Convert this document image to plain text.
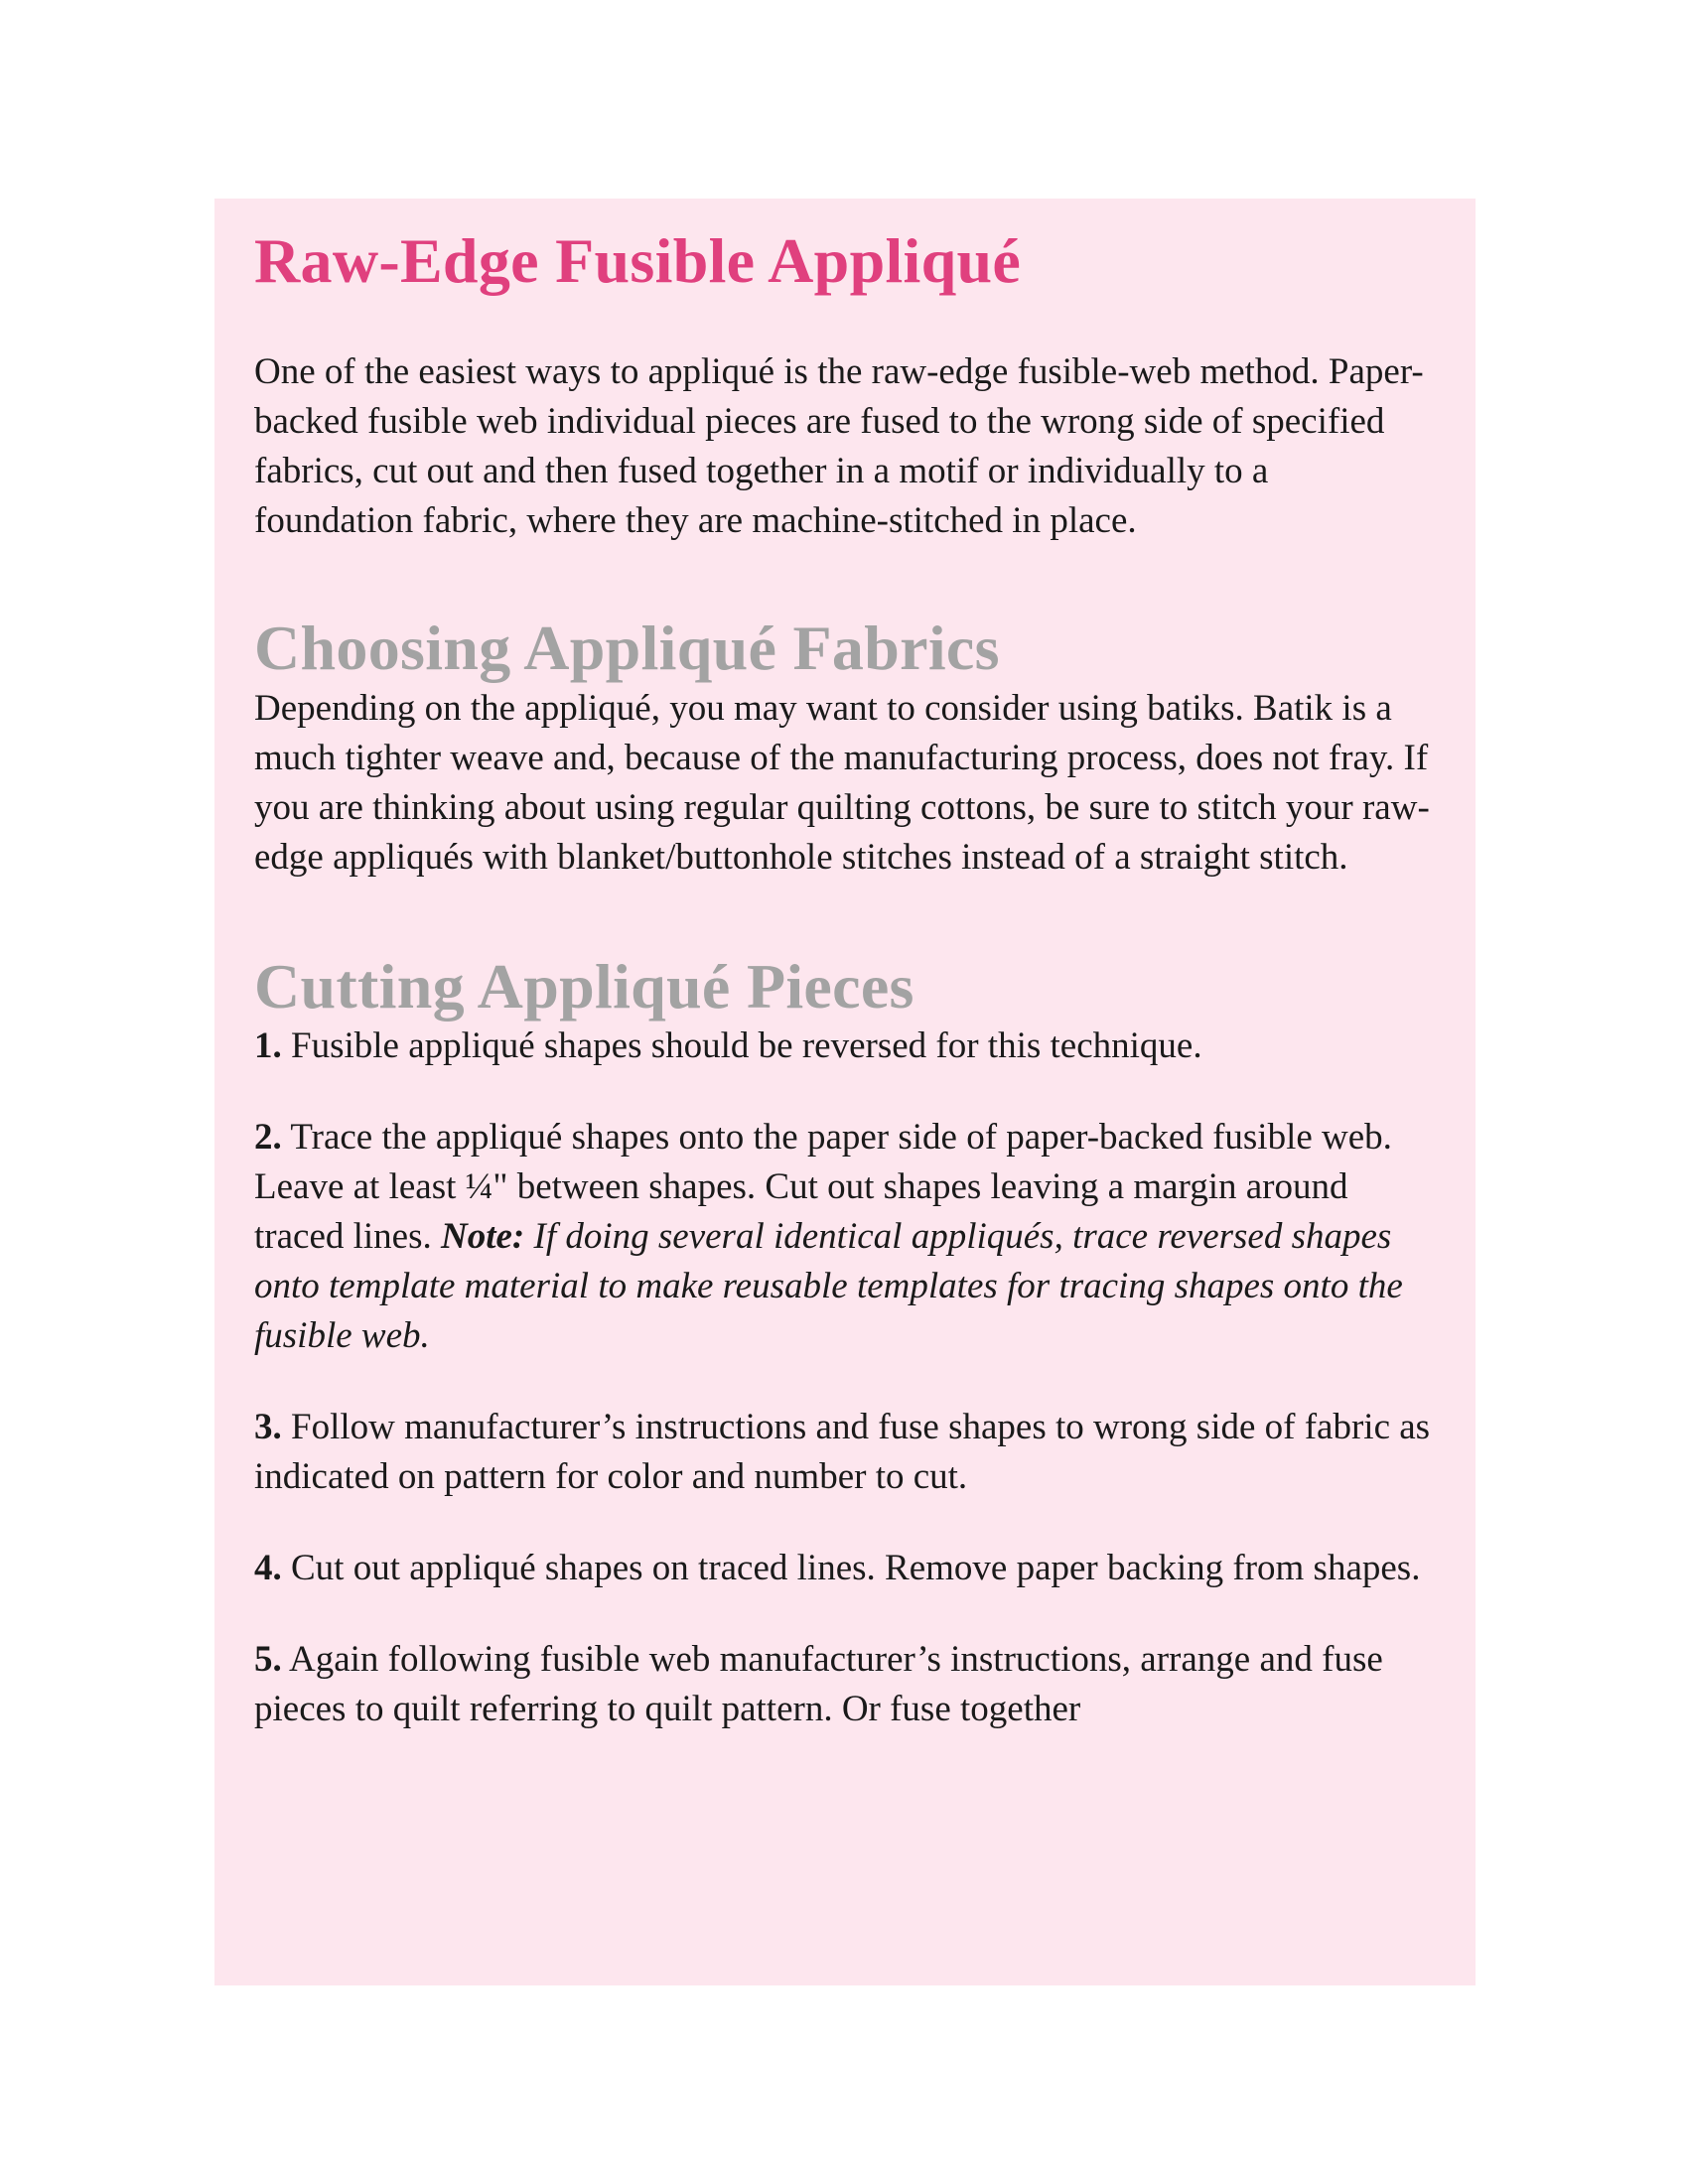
Raw-Edge Fusible Appliqué

One of the easiest ways to appliqué is the raw-edge fusible-web method. Paper-backed fusible web individual pieces are fused to the wrong side of specified fabrics, cut out and then fused together in a motif or individually to a foundation fabric, where they are machine-stitched in place.

Choosing Appliqué Fabrics

Depending on the appliqué, you may want to consider using batiks. Batik is a much tighter weave and, because of the manufacturing process, does not fray. If you are thinking about using regular quilting cottons, be sure to stitch your raw-edge appliqués with blanket/buttonhole stitches instead of a straight stitch.

Cutting Appliqué Pieces

1. Fusible appliqué shapes should be reversed for this technique.

2. Trace the appliqué shapes onto the paper side of paper-backed fusible web. Leave at least ¼" between shapes. Cut out shapes leaving a margin around traced lines. Note: If doing several identical appliqués, trace reversed shapes onto template material to make reusable templates for tracing shapes onto the fusible web.

3. Follow manufacturer’s instructions and fuse shapes to wrong side of fabric as indicated on pattern for color and number to cut.

4. Cut out appliqué shapes on traced lines. Remove paper backing from shapes.

5. Again following fusible web manufacturer’s instructions, arrange and fuse pieces to quilt referring to quilt pattern. Or fuse together
